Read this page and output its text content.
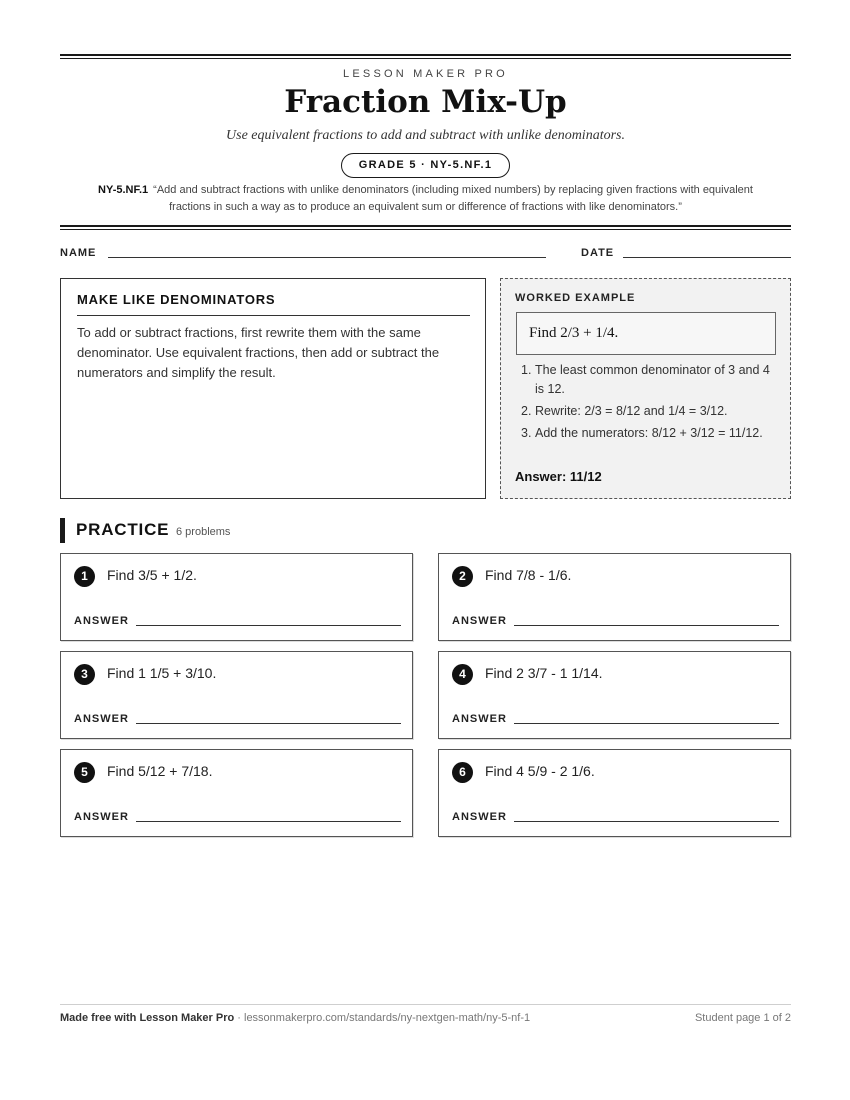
LESSON MAKER PRO
Fraction Mix-Up
Use equivalent fractions to add and subtract with unlike denominators.
GRADE 5 · NY-5.NF.1
NY-5.NF.1 “Add and subtract fractions with unlike denominators (including mixed numbers) by replacing given fractions with equivalent fractions in such a way as to produce an equivalent sum or difference of fractions with like denominators.”
NAME	DATE
MAKE LIKE DENOMINATORS
To add or subtract fractions, first rewrite them with the same denominator. Use equivalent fractions, then add or subtract the numerators and simplify the result.
WORKED EXAMPLE
Find 2/3 + 1/4.
1. The least common denominator of 3 and 4 is 12.
2. Rewrite: 2/3 = 8/12 and 1/4 = 3/12.
3. Add the numerators: 8/12 + 3/12 = 11/12.
Answer: 11/12
PRACTICE 6 problems
1	Find 3/5 + 1/2.
ANSWER
2	Find 7/8 - 1/6.
ANSWER
3	Find 1 1/5 + 3/10.
ANSWER
4	Find 2 3/7 - 1 1/14.
ANSWER
5	Find 5/12 + 7/18.
ANSWER
6	Find 4 5/9 - 2 1/6.
ANSWER
Made free with Lesson Maker Pro · lessonmakerpro.com/standards/ny-nextgen-math/ny-5-nf-1	Student page 1 of 2
